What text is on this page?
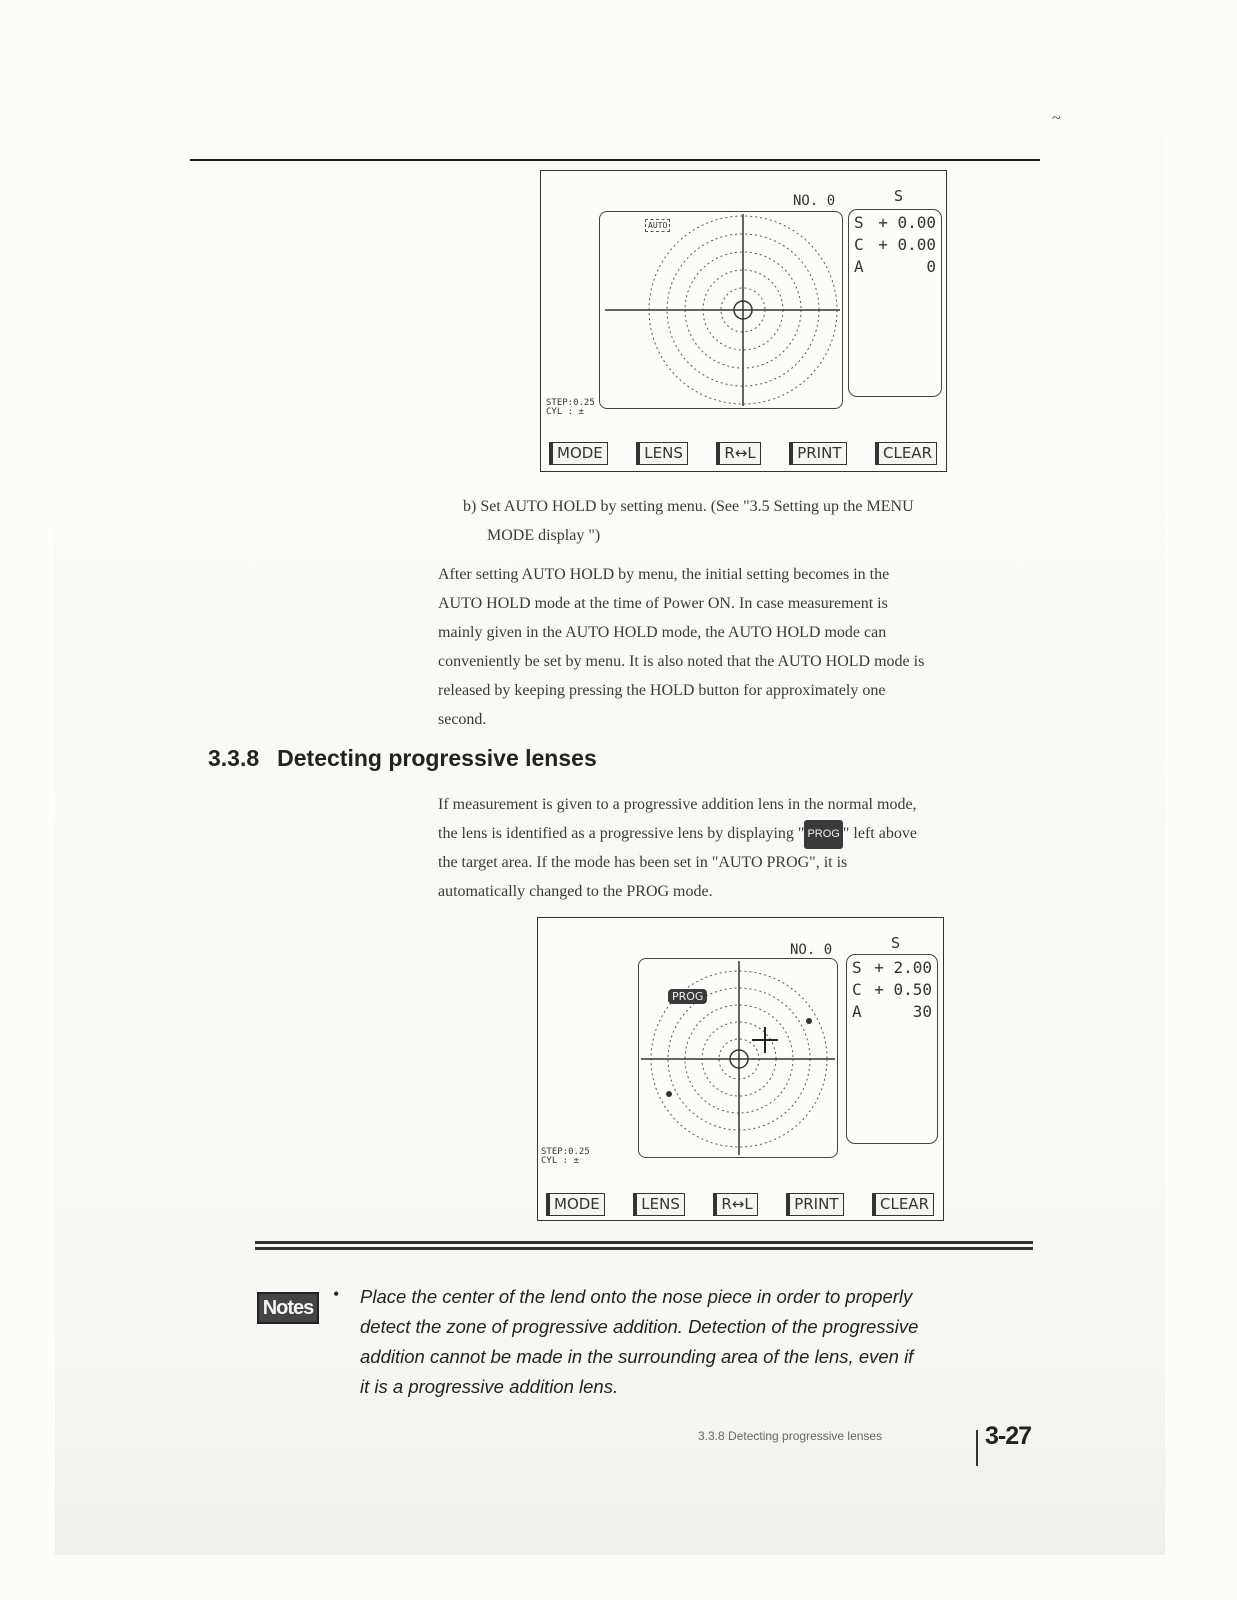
~
NO. 0	S
AUTO	S + 0.00
C + 0.00
A	0
STEP:0.25
CYL : ±
MODE	LENS	R↔L	PRINT	CLEAR
b) Set AUTO HOLD by setting menu. (See "3.5 Setting up the MENU
MODE display ")
After setting AUTO HOLD by menu, the initial setting becomes in the
AUTO HOLD mode at the time of Power ON. In case measurement is
mainly given in the AUTO HOLD mode, the AUTO HOLD mode can
conveniently be set by menu. It is also noted that the AUTO HOLD mode is
released by keeping pressing the HOLD button for approximately one
second.
3.3.8 Detecting progressive lenses
If measurement is given to a progressive addition lens in the normal mode,
the lens is identified as a progressive lens by displaying " PROG " left above
the target area. If the mode has been set in "AUTO PROG", it is
automatically changed to the PROG mode.
NO. 0	S
PROG
S + 2.00
C + 0.50
A	30
STEP:0.25
CYL : ±
MODE	LENS	R↔L	PRINT	CLEAR
Notes
• Place the center of the lend onto the nose piece in order to properly
detect the zone of progressive addition. Detection of the progressive
addition cannot be made in the surrounding area of the lens, even if
it is a progressive addition lens.
3.3.8 Detecting progressive lenses	3-27
